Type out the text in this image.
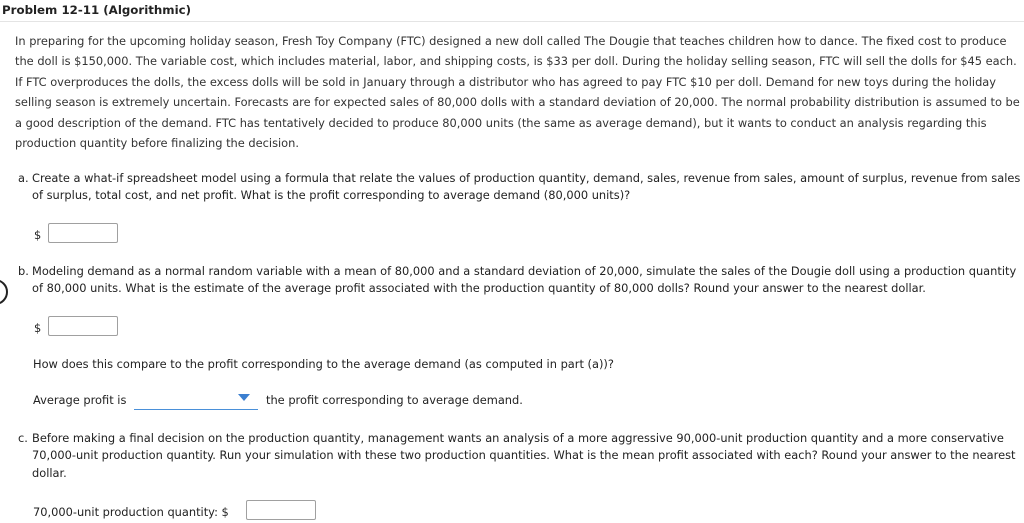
Problem 12-11 (Algorithmic)

In preparing for the upcoming holiday season, Fresh Toy Company (FTC) designed a new doll called The Dougie that teaches children how to dance. The fixed cost to produce the doll is $150,000. The variable cost, which includes material, labor, and shipping costs, is $33 per doll. During the holiday selling season, FTC will sell the dolls for $45 each. If FTC overproduces the dolls, the excess dolls will be sold in January through a distributor who has agreed to pay FTC $10 per doll. Demand for new toys during the holiday selling season is extremely uncertain. Forecasts are for expected sales of 80,000 dolls with a standard deviation of 20,000. The normal probability distribution is assumed to be a good description of the demand. FTC has tentatively decided to produce 80,000 units (the same as average demand), but it wants to conduct an analysis regarding this production quantity before finalizing the decision.

a. Create a what-if spreadsheet model using a formula that relate the values of production quantity, demand, sales, revenue from sales, amount of surplus, revenue from sales of surplus, total cost, and net profit. What is the profit corresponding to average demand (80,000 units)?
$
b. Modeling demand as a normal random variable with a mean of 80,000 and a standard deviation of 20,000, simulate the sales of the Dougie doll using a production quantity of 80,000 units. What is the estimate of the average profit associated with the production quantity of 80,000 dolls? Round your answer to the nearest dollar.
$

How does this compare to the profit corresponding to the average demand (as computed in part (a))?

Average profit is	the profit corresponding to average demand.
c. Before making a final decision on the production quantity, management wants an analysis of a more aggressive 90,000-unit production quantity and a more conservative 70,000-unit production quantity. Run your simulation with these two production quantities. What is the mean profit associated with each? Round your answer to the nearest dollar.
70,000-unit production quantity: $
